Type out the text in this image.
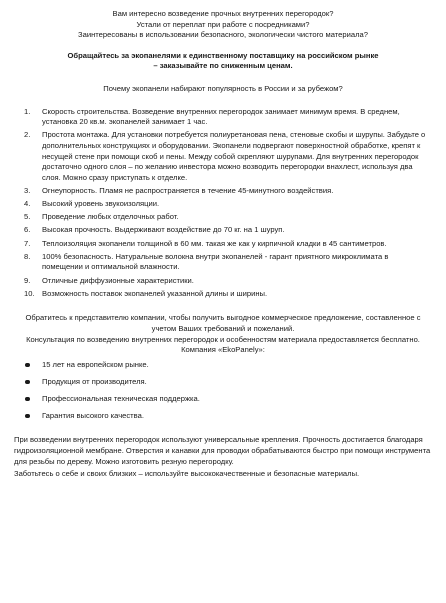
Вам интересно возведение прочных внутренних перегородок?

Устали от переплат при работе с посредниками?

Заинтересованы в использовании безопасного, экологически чистого материала?

Обращайтесь за экопанелями к единственному поставщику на российском рынке

– заказывайте по сниженным ценам.

Почему экопанели набирают популярность в России и за рубежом?
Скорость строительства. Возведение внутренних перегородок занимает минимум время. В среднем, установка 20 кв.м. экопанелей занимает 1 час.
Простота монтажа. Для установки потребуется полиуретановая пена, стеновые скобы и шурупы. Забудьте о дополнительных конструкциях и оборудовании. Экопанели подвергают поверхностной обработке, крепят к несущей стене при помощи скоб и пены. Между собой скрепляют шурупами. Для внутренних перегородок достаточно одного слоя – по желанию инвестора можно возводить перегородки внахлест, используя два слоя. Можно сразу приступать к отделке.
Огнеупорность. Пламя не распространяется в течение 45-минутного воздействия.
Высокий уровень звукоизоляции.
Проведение любых отделочных работ.
Высокая прочность. Выдерживают воздействие до 70 кг. на 1 шуруп.
Теплоизоляция экопанели толщиной в 60 мм. такая же как у кирпичной кладки в 45 сантиметров.
100% безопасность. Натуральные волокна внутри экопанелей - гарант приятного микроклимата в помещении и оптимальной влажности.
Отличные диффузионные характеристики.
Возможность поставок экопанелей указанной длины и ширины.

Обратитесь к представителю компании, чтобы получить выгодное коммерческое предложение, составленное с учетом Ваших требований и пожеланий.

Консультация по возведению внутренних перегородок и особенностям материала предоставляется бесплатно.

Компания «EkoPanely»:

15 лет на европейском рынке.
Продукция от производителя.
Профессиональная техническая поддержка.
Гарантия высокого качества.

При возведении внутренних перегородок используют универсальные крепления. Прочность достигается благодаря гидроизоляционной мембране. Отверстия и канавки для проводки обрабатываются быстро при помощи инструмента для резьбы по дереву. Можно изготовить резную перегородку.

Заботьтесь о себе и своих близких – используйте высококачественные и безопасные материалы.
